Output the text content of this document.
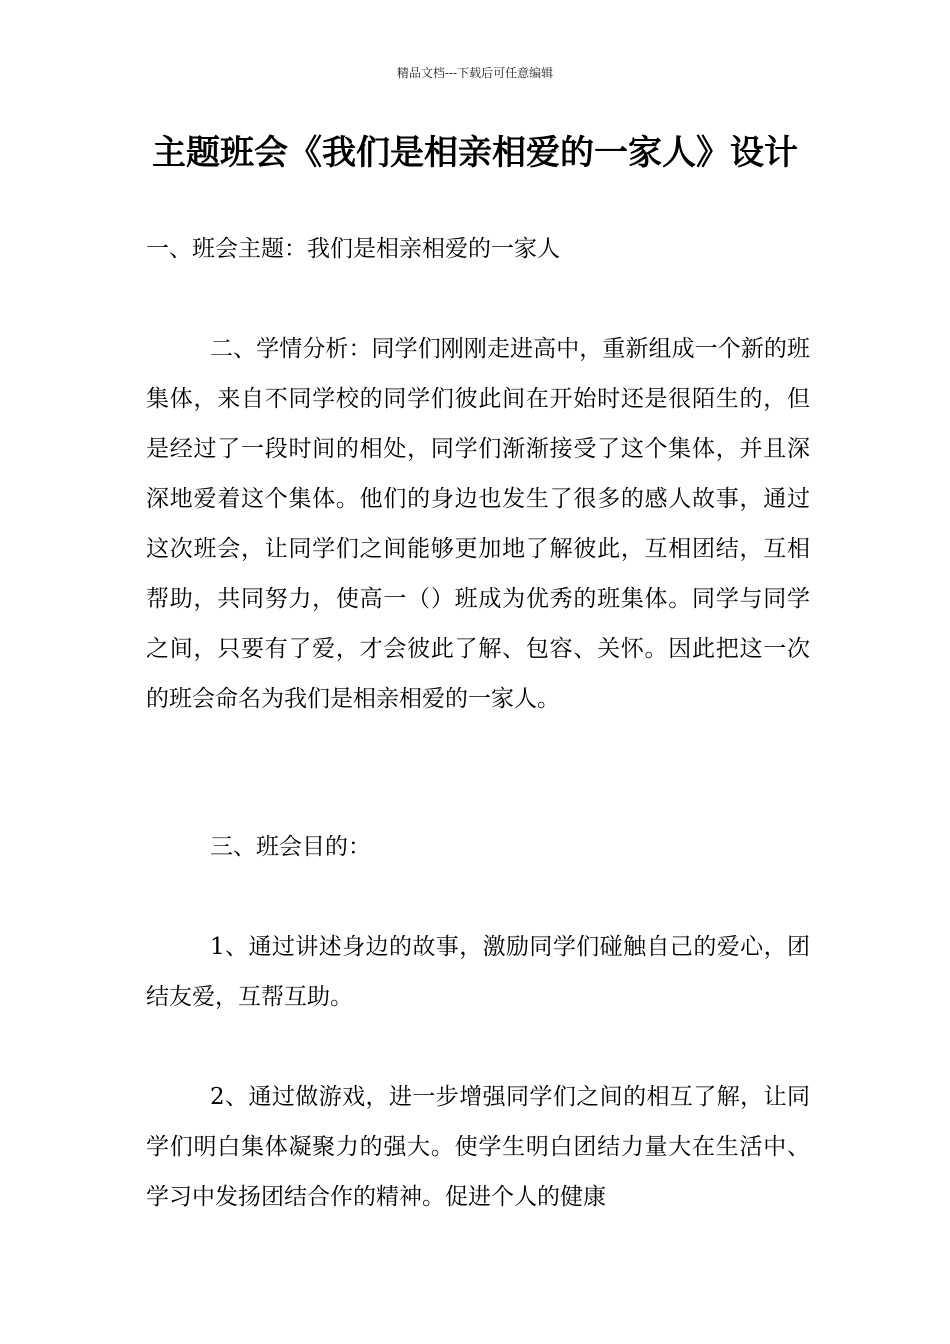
精品文档---下载后可任意编辑
主题班会《我们是相亲相爱的一家人》设计

一、班会主题：我们是相亲相爱的一家人

二、学情分析：同学们刚刚走进高中，重新组成一个新的班集体，来自不同学校的同学们彼此间在开始时还是很陌生的，但是经过了一段时间的相处，同学们渐渐接受了这个集体，并且深深地爱着这个集体。他们的身边也发生了很多的感人故事，通过这次班会，让同学们之间能够更加地了解彼此，互相团结，互相帮助，共同努力，使高一（）班成为优秀的班集体。同学与同学之间，只要有了爱，才会彼此了解、包容、关怀。因此把这一次的班会命名为我们是相亲相爱的一家人。

三、班会目的：

1、通过讲述身边的故事，激励同学们碰触自己的爱心，团结友爱，互帮互助。

2、通过做游戏，进一步增强同学们之间的相互了解，让同学们明白集体凝聚力的强大。使学生明白团结力量大在生活中、学习中发扬团结合作的精神。促进个人的健康
